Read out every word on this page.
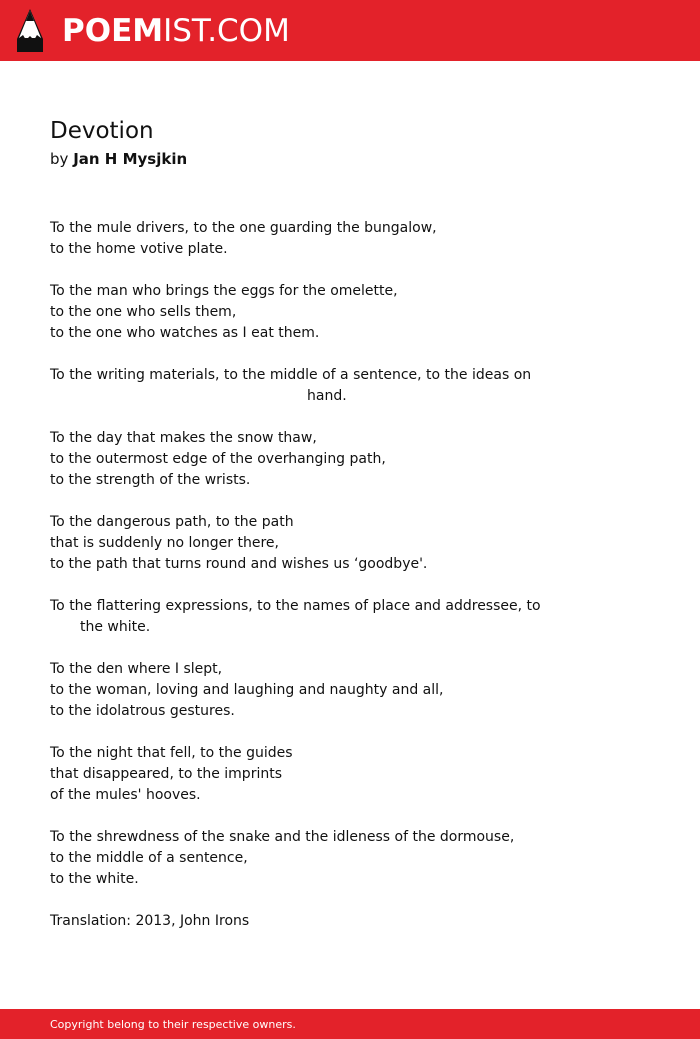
POEMIST.COM
Devotion
by Jan H Mysjkin
To the mule drivers, to the one guarding the bungalow,
to the home votive plate.
To the man who brings the eggs for the omelette,
to the one who sells them,
to the one who watches as I eat them.
To the writing materials, to the middle of a sentence, to the ideas on
hand.
To the day that makes the snow thaw,
to the outermost edge of the overhanging path,
to the strength of the wrists.
To the dangerous path, to the path
that is suddenly no longer there,
to the path that turns round and wishes us ‘goodbye'.
To the flattering expressions, to the names of place and addressee, to
the white.
To the den where I slept,
to the woman, loving and laughing and naughty and all,
to the idolatrous gestures.
To the night that fell, to the guides
that disappeared, to the imprints
of the mules' hooves.
To the shrewdness of the snake and the idleness of the dormouse,
to the middle of a sentence,
to the white.
Translation: 2013, John Irons
Copyright belong to their respective owners.
